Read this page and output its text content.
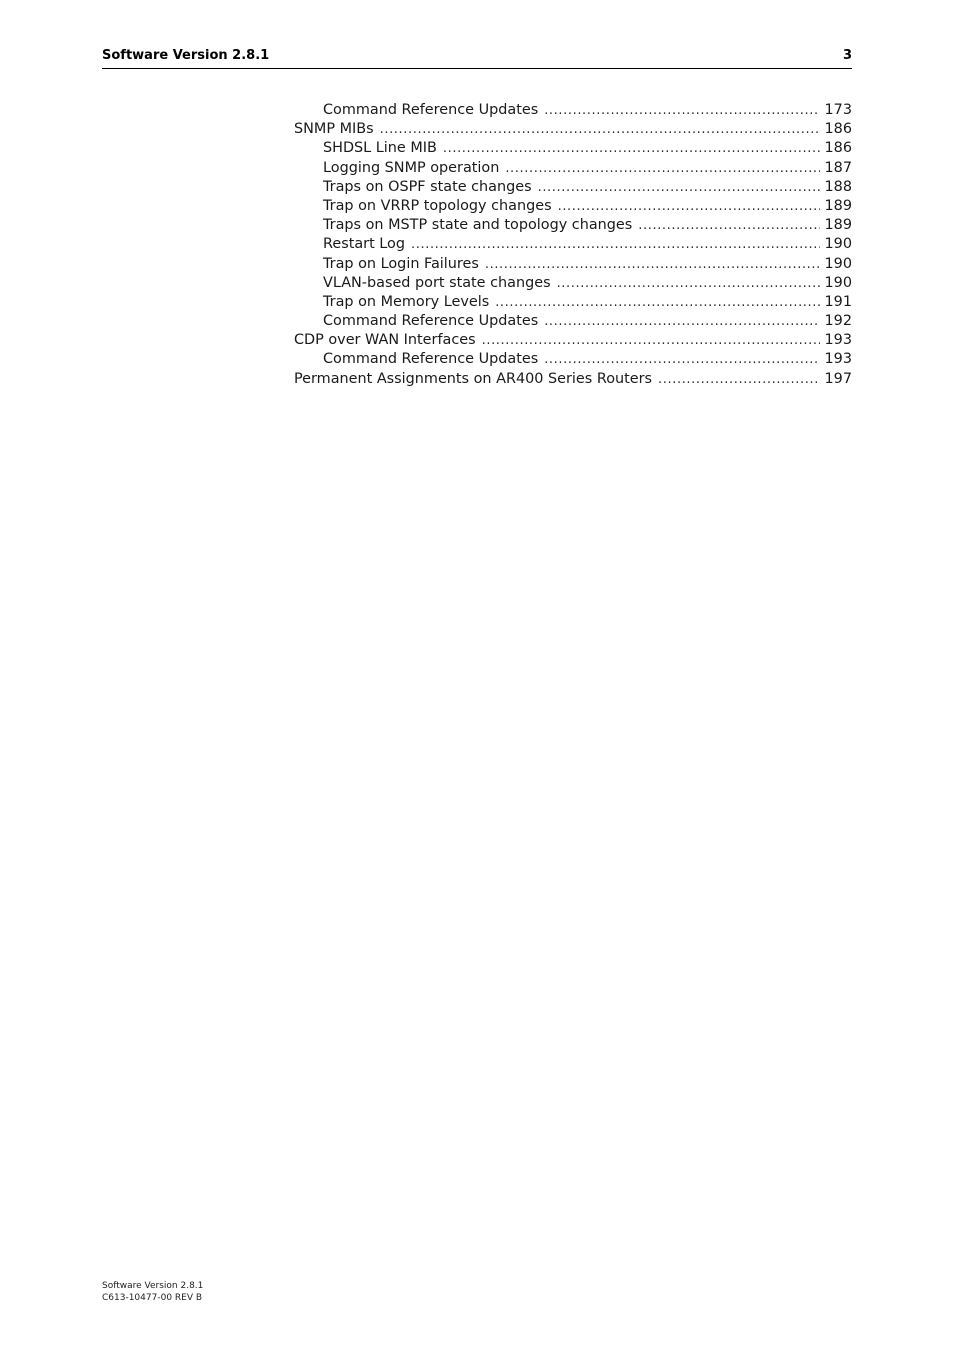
Software Version 2.8.1	3
Command Reference Updates .....	173
SNMP MIBs .....	186
SHDSL Line MIB .....	186
Logging SNMP operation .....	187
Traps on OSPF state changes .....	188
Trap on VRRP topology changes .....	189
Traps on MSTP state and topology changes .....	189
Restart Log .....	190
Trap on Login Failures .....	190
VLAN-based port state changes .....	190
Trap on Memory Levels .....	191
Command Reference Updates .....	192
CDP over WAN Interfaces .....	193
Command Reference Updates .....	193
Permanent Assignments on AR400 Series Routers .....	197
Software Version 2.8.1
C613-10477-00 REV B
